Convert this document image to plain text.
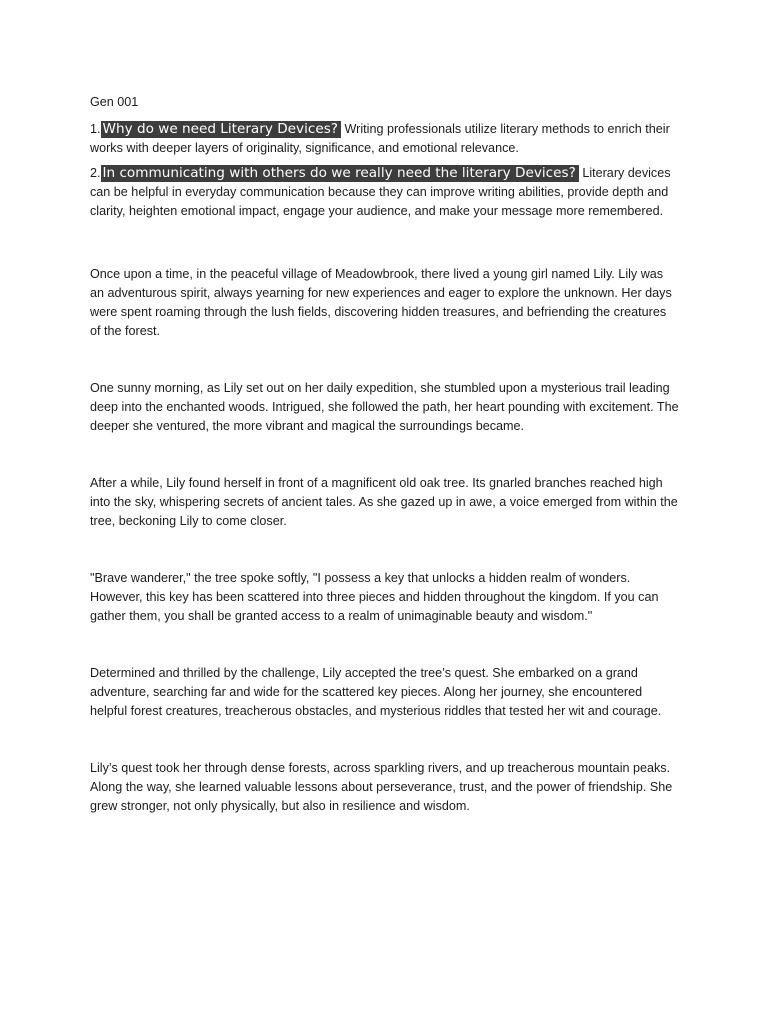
Gen 001
1. Why do we need Literary Devices? Writing professionals utilize literary methods to enrich their works with deeper layers of originality, significance, and emotional relevance.
2. In communicating with others do we really need the literary Devices? Literary devices can be helpful in everyday communication because they can improve writing abilities, provide depth and clarity, heighten emotional impact, engage your audience, and make your message more remembered.

Once upon a time, in the peaceful village of Meadowbrook, there lived a young girl named Lily. Lily was an adventurous spirit, always yearning for new experiences and eager to explore the unknown. Her days were spent roaming through the lush fields, discovering hidden treasures, and befriending the creatures of the forest.

One sunny morning, as Lily set out on her daily expedition, she stumbled upon a mysterious trail leading deep into the enchanted woods. Intrigued, she followed the path, her heart pounding with excitement. The deeper she ventured, the more vibrant and magical the surroundings became.

After a while, Lily found herself in front of a magnificent old oak tree. Its gnarled branches reached high into the sky, whispering secrets of ancient tales. As she gazed up in awe, a voice emerged from within the tree, beckoning Lily to come closer.

"Brave wanderer," the tree spoke softly, "I possess a key that unlocks a hidden realm of wonders. However, this key has been scattered into three pieces and hidden throughout the kingdom. If you can gather them, you shall be granted access to a realm of unimaginable beauty and wisdom."

Determined and thrilled by the challenge, Lily accepted the tree’s quest. She embarked on a grand adventure, searching far and wide for the scattered key pieces. Along her journey, she encountered helpful forest creatures, treacherous obstacles, and mysterious riddles that tested her wit and courage.

Lily’s quest took her through dense forests, across sparkling rivers, and up treacherous mountain peaks. Along the way, she learned valuable lessons about perseverance, trust, and the power of friendship. She grew stronger, not only physically, but also in resilience and wisdom.
